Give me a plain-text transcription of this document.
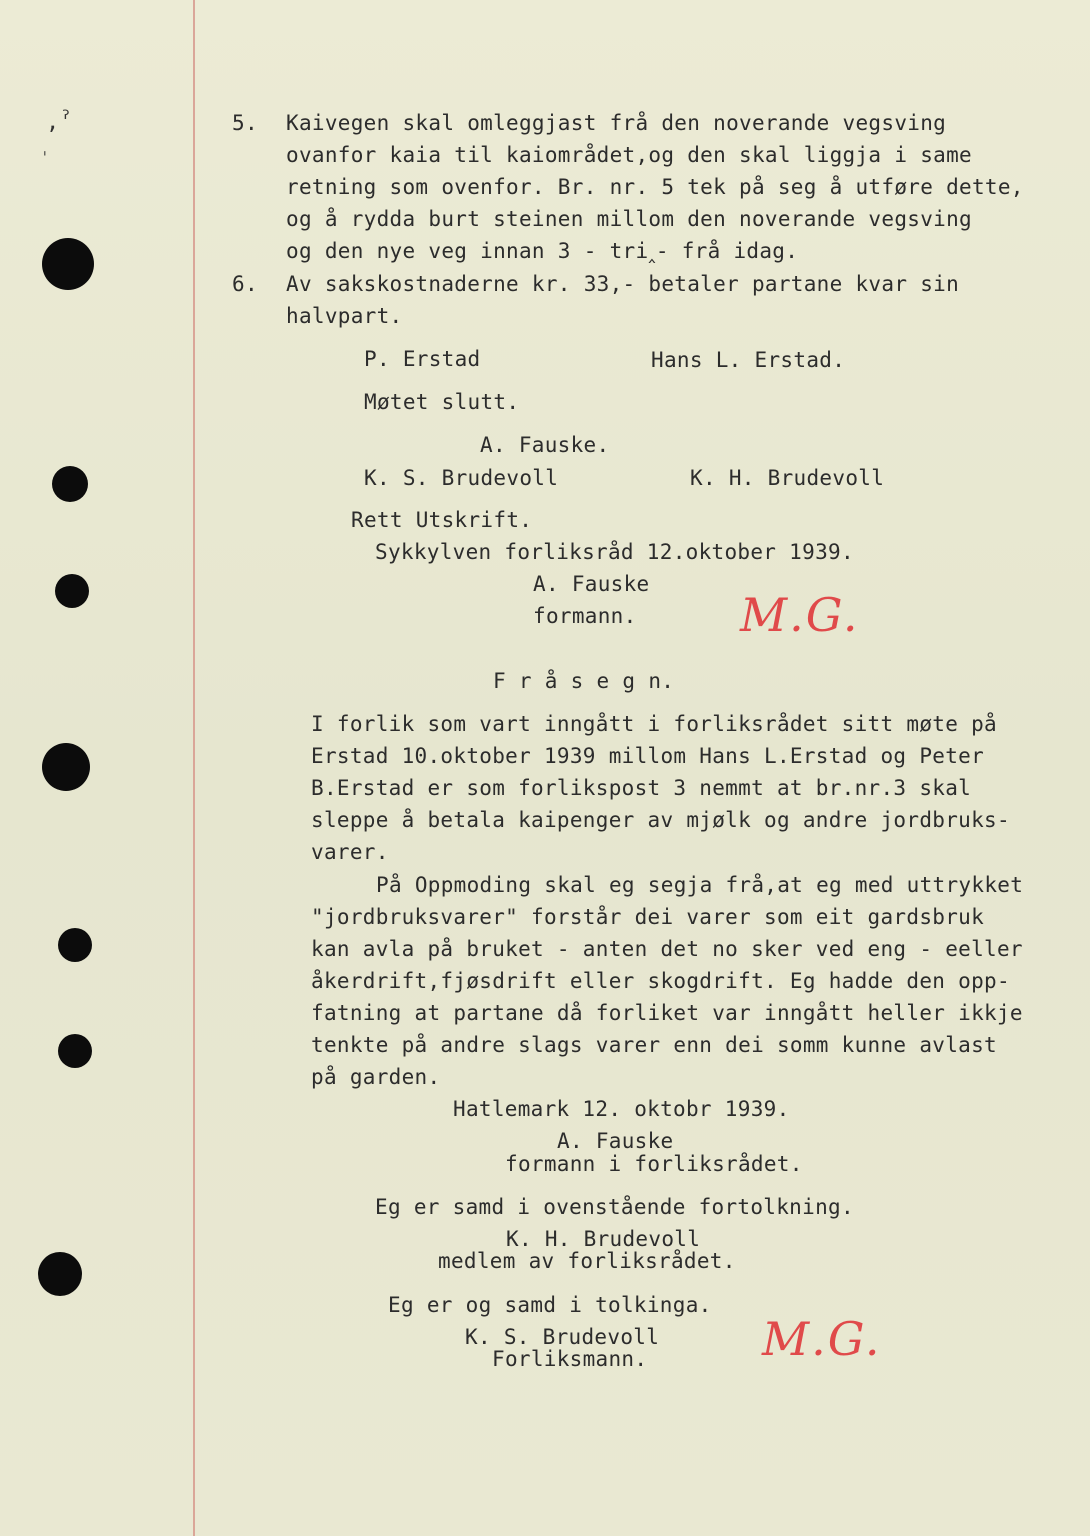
,ˀ
ˌ
5. Kaivegen skal omleggjast frå den noverande vegsving
ovanfor kaia til kaiområdet,og den skal liggja i same
retning som ovenfor. Br. nr. 5 tek på seg å utføre dette,
og å rydda burt steinen millom den noverande vegsving
og den nye veg innan 3 - tri‸- frå idag.
6. Av sakskostnaderne kr. 33,- betaler partane kvar sin
halvpart.
P. Erstad	Hans L. Erstad.
Møtet slutt.
A. Fauske.
K. S. Brudevoll	K. H. Brudevoll
Rett Utskrift.
Sykkylven forliksråd 12.oktober 1939.
A. Fauske
formann. M.G.
F r å s e g n.
I forlik som vart inngått i forliksrådet sitt møte på
Erstad 10.oktober 1939 millom Hans L.Erstad og Peter
B.Erstad er som forlikspost 3 nemmt at br.nr.3 skal
sleppe å betala kaipenger av mjølk og andre jordbruks-
varer.
På Oppmoding skal eg segja frå,at eg med uttrykket
"jordbruksvarer" forstår dei varer som eit gardsbruk
kan avla på bruket - anten det no sker ved eng - eeller
åkerdrift,fjøsdrift eller skogdrift. Eg hadde den opp-
fatning at partane då forliket var inngått heller ikkje
tenkte på andre slags varer enn dei somm kunne avlast
på garden.
Hatlemark 12. oktobr 1939.
A. Fauske
formann i forliksrådet.
Eg er samd i ovenstående fortolkning.
K. H. Brudevoll
medlem av forliksrådet.
Eg er og samd i tolkinga.
K. S. Brudevoll
Forliksmann. M.G.
